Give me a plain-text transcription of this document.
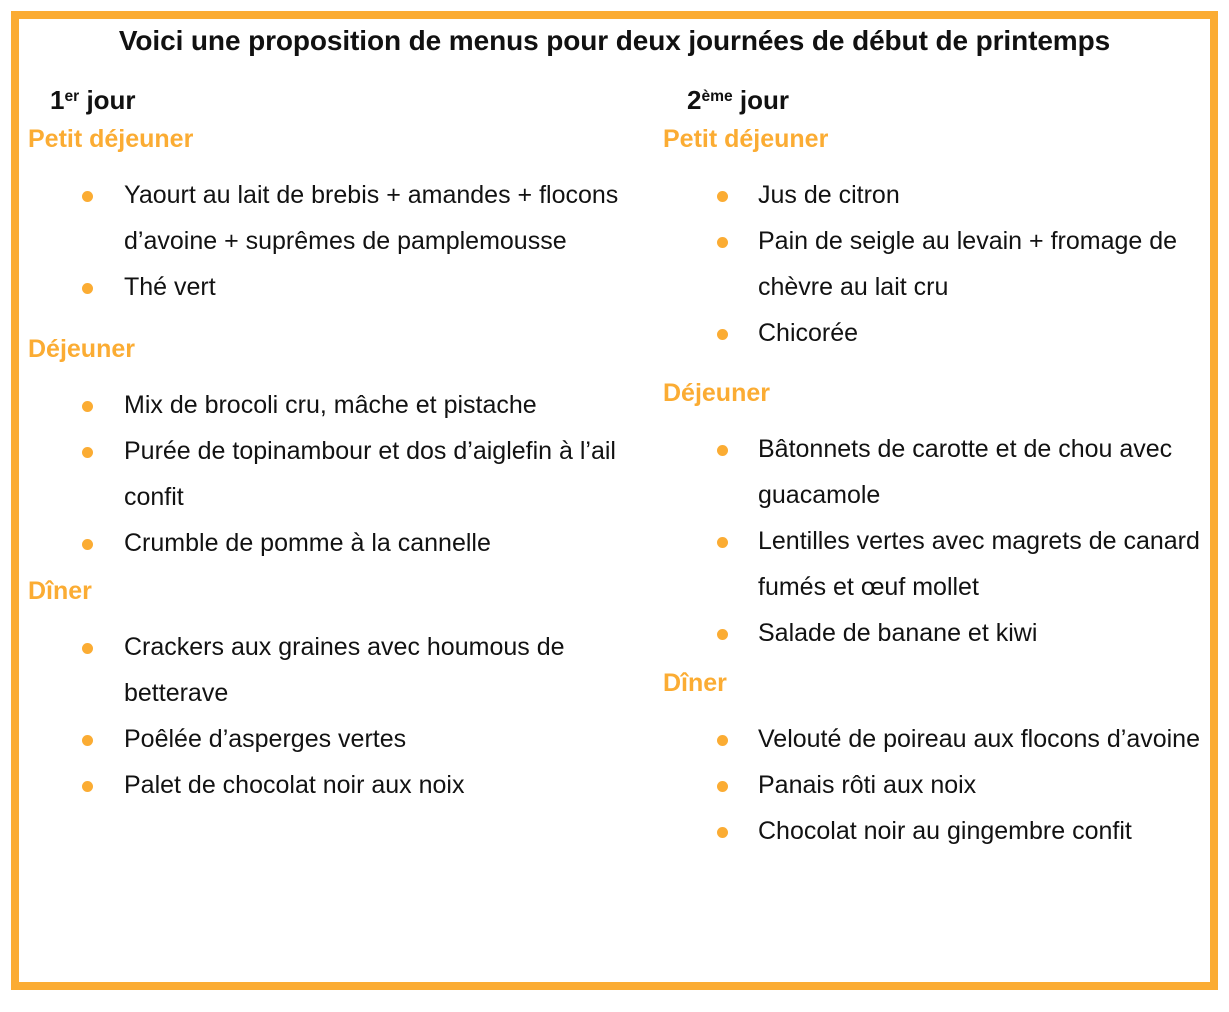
Voici une proposition de menus pour deux journées de début de printemps
1er jour
Petit déjeuner
Yaourt au lait de brebis + amandes + flocons d’avoine + suprêmes de pamplemousse
Thé vert
Déjeuner
Mix de brocoli cru, mâche et pistache
Purée de topinambour et dos d’aiglefin à l’ail confit
Crumble de pomme à la cannelle
Dîner
Crackers aux graines avec houmous de betterave
Poêlée d’asperges vertes
Palet de chocolat noir aux noix
2ème jour
Petit déjeuner
Jus de citron
Pain de seigle au levain + fromage de chèvre au lait cru
Chicorée
Déjeuner
Bâtonnets de carotte et de chou avec guacamole
Lentilles vertes avec magrets de canard fumés et œuf mollet
Salade de banane et kiwi
Dîner
Velouté de poireau aux flocons d’avoine
Panais rôti aux noix
Chocolat noir au gingembre confit
